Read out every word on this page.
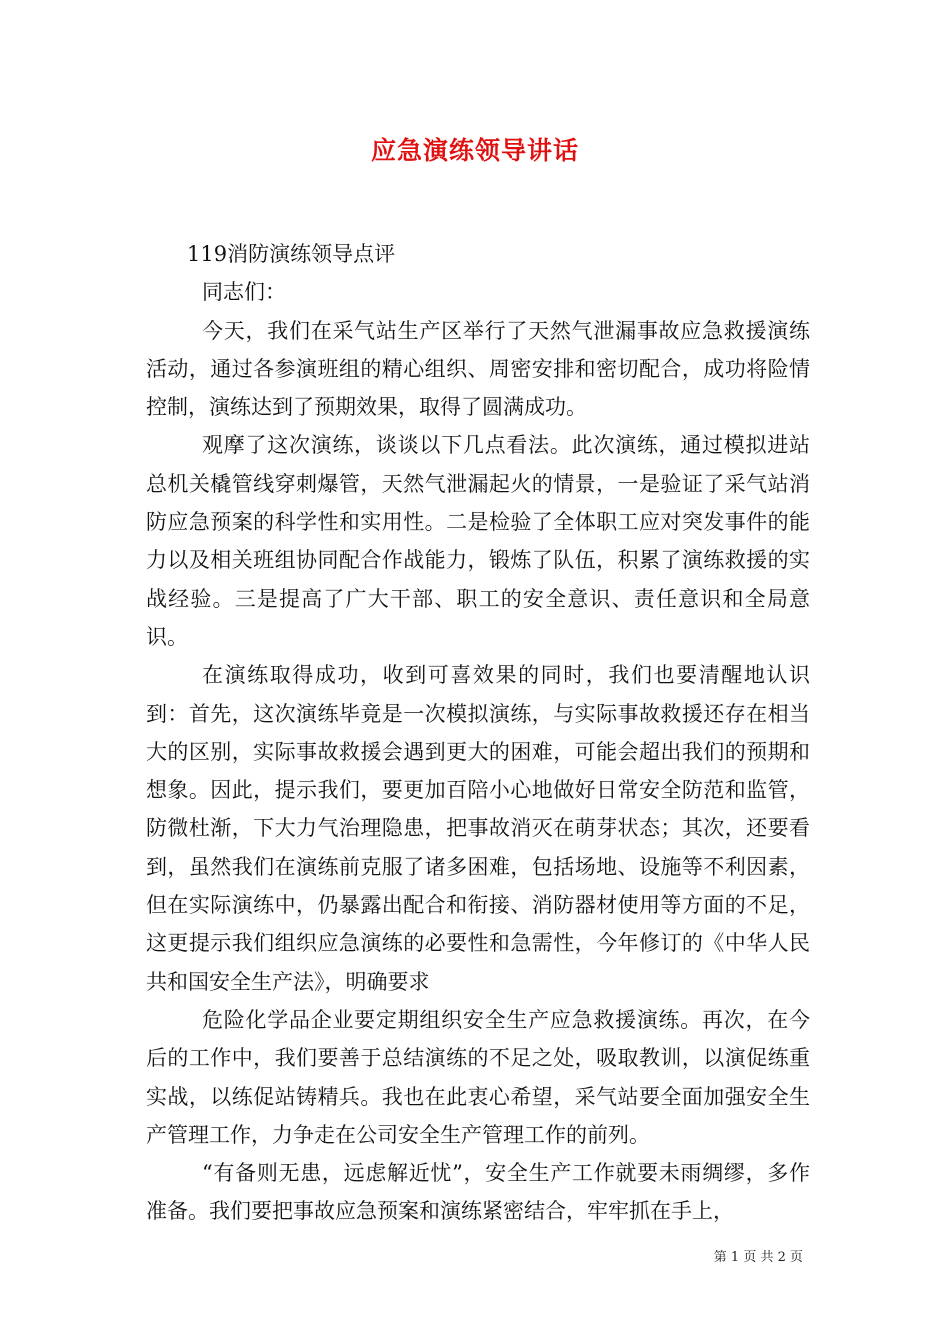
应急演练领导讲话
119消防演练领导点评
同志们：

今天，我们在采气站生产区举行了天然气泄漏事故应急救援演练活动，通过各参演班组的精心组织、周密安排和密切配合，成功将险情控制，演练达到了预期效果，取得了圆满成功。

观摩了这次演练，谈谈以下几点看法。此次演练，通过模拟进站总机关橇管线穿刺爆管，天然气泄漏起火的情景，一是验证了采气站消防应急预案的科学性和实用性。二是检验了全体职工应对突发事件的能力以及相关班组协同配合作战能力，锻炼了队伍，积累了演练救援的实战经验。三是提高了广大干部、职工的安全意识、责任意识和全局意识。

在演练取得成功，收到可喜效果的同时，我们也要清醒地认识到：首先，这次演练毕竟是一次模拟演练，与实际事故救援还存在相当大的区别，实际事故救援会遇到更大的困难，可能会超出我们的预期和想象。因此，提示我们，要更加百陪小心地做好日常安全防范和监管，防微杜渐，下大力气治理隐患，把事故消灭在萌芽状态；其次，还要看到，虽然我们在演练前克服了诸多困难，包括场地、设施等不利因素，但在实际演练中，仍暴露出配合和衔接、消防器材使用等方面的不足，这更提示我们组织应急演练的必要性和急需性，今年修订的《中华人民共和国安全生产法》，明确要求

危险化学品企业要定期组织安全生产应急救援演练。再次，在今后的工作中，我们要善于总结演练的不足之处，吸取教训，以演促练重实战，以练促站铸精兵。我也在此衷心希望，采气站要全面加强安全生产管理工作，力争走在公司安全生产管理工作的前列。

“有备则无患，远虑解近忧”，安全生产工作就要未雨绸缪，多作准备。我们要把事故应急预案和演练紧密结合，牢牢抓在手上，

第 1 页 共 2 页
